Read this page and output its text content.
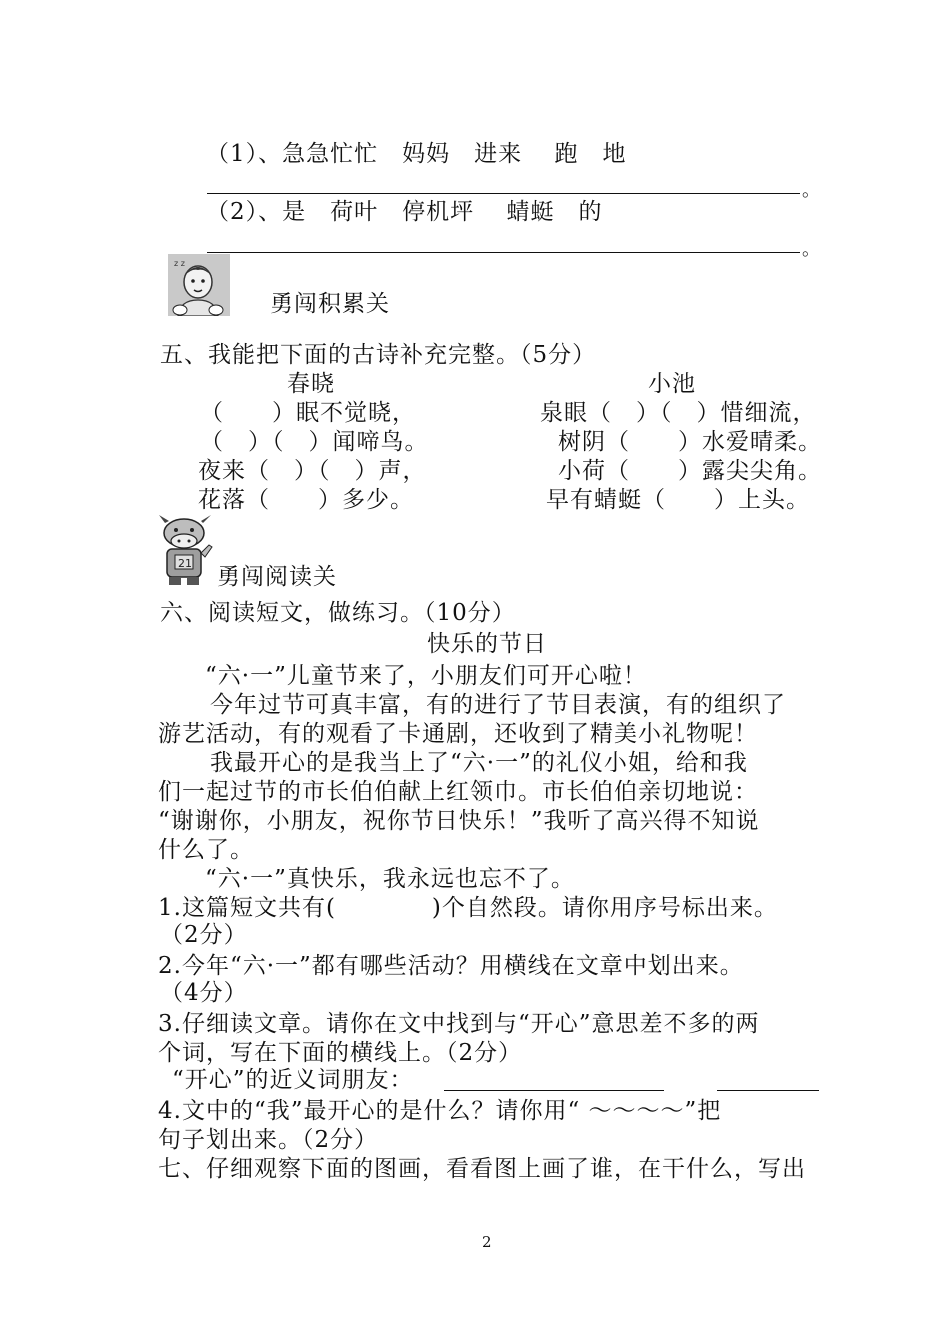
（1）、急急忙忙　妈妈　进来　 跑　地
。
（2）、是　荷叶　停机坪　 蜻蜓　的
。
z z
勇闯积累关
五、我能把下面的古诗补充完整。（5分）
春晓	小池
（　　）眠不觉晓，
（　）（　）闻啼鸟。
夜来（　）（　）声，
花落（　　）多少。
泉眼（　）（　）惜细流，
树阴（　　）水爱晴柔。
小荷（　　）露尖尖角。
早有蜻蜓（　　）上头。
21
勇闯阅读关
六、阅读短文，做练习。（10分）
快乐的节日
“六·一”儿童节来了，小朋友们可开心啦！
今年过节可真丰富，有的进行了节目表演，有的组织了
游艺活动，有的观看了卡通剧，还收到了精美小礼物呢！
我最开心的是我当上了“六·一”的礼仪小姐，给和我
们一起过节的市长伯伯献上红领巾。市长伯伯亲切地说：
“谢谢你，小朋友，祝你节日快乐！”我听了高兴得不知说
什么了。
“六·一”真快乐，我永远也忘不了。
1.这篇短文共有(　　　　)个自然段。请你用序号标出来。
（2分）
2.今年“六·一”都有哪些活动？用横线在文章中划出来。
（4分）
3.仔细读文章。请你在文中找到与“开心”意思差不多的两
个词，写在下面的横线上。（2分）
“开心”的近义词朋友：
4.文中的“我”最开心的是什么？请你用“ ～～～～”把
句子划出来。（2分）
七、仔细观察下面的图画，看看图上画了谁，在干什么，写出
2
